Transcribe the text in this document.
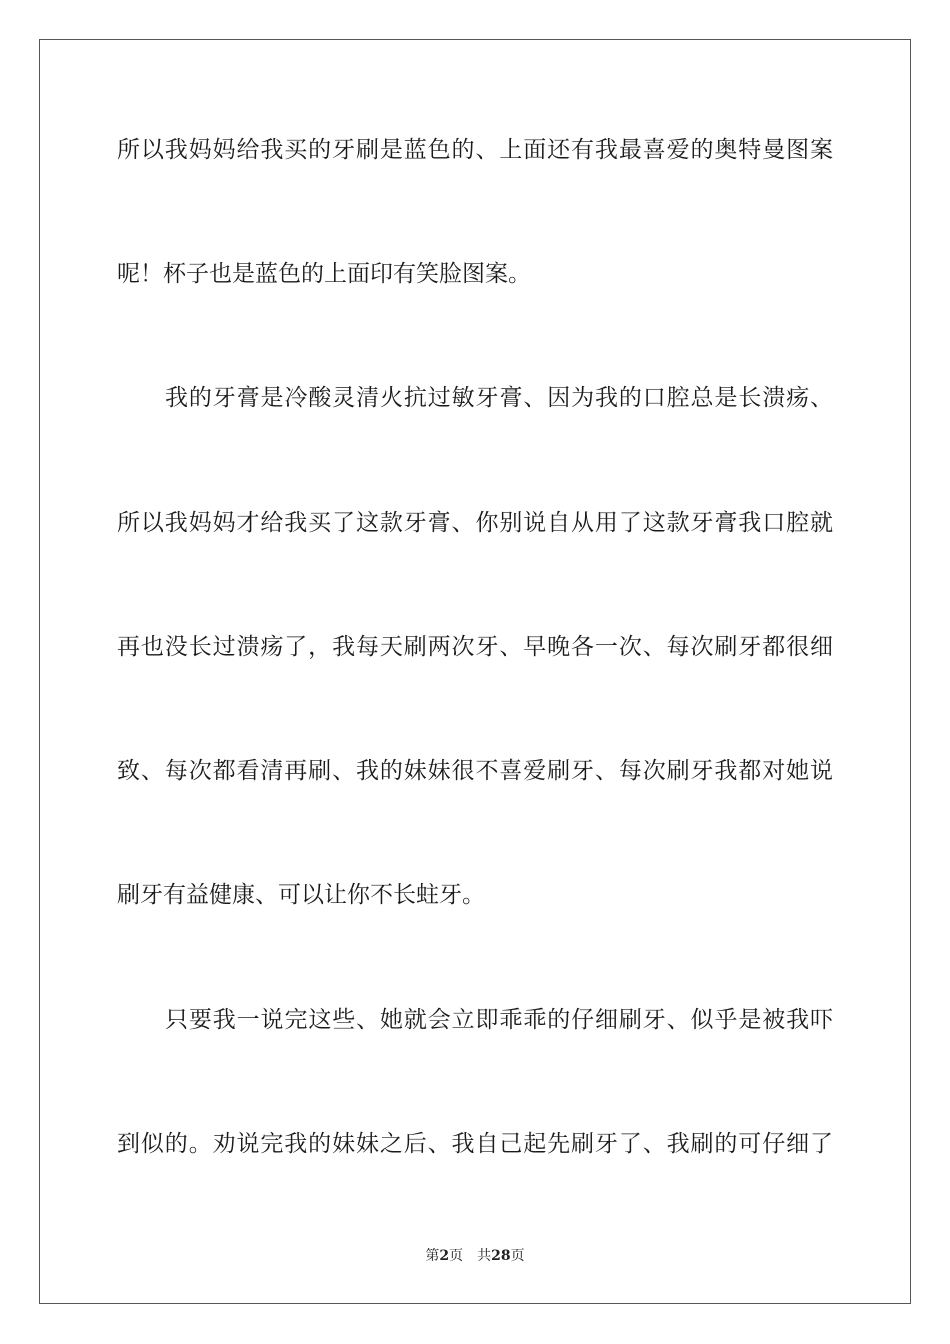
所以我妈妈给我买的牙刷是蓝色的、上面还有我最喜爱的奥特曼图案
呢！杯子也是蓝色的上面印有笑脸图案。
我的牙膏是冷酸灵清火抗过敏牙膏、因为我的口腔总是长溃疡、
所以我妈妈才给我买了这款牙膏、你别说自从用了这款牙膏我口腔就
再也没长过溃疡了，我每天刷两次牙、早晚各一次、每次刷牙都很细
致、每次都看清再刷、我的妹妹很不喜爱刷牙、每次刷牙我都对她说
刷牙有益健康、可以让你不长蛀牙。
只要我一说完这些、她就会立即乖乖的仔细刷牙、似乎是被我吓
到似的。劝说完我的妹妹之后、我自己起先刷牙了、我刷的可仔细了
第2页 共28页
